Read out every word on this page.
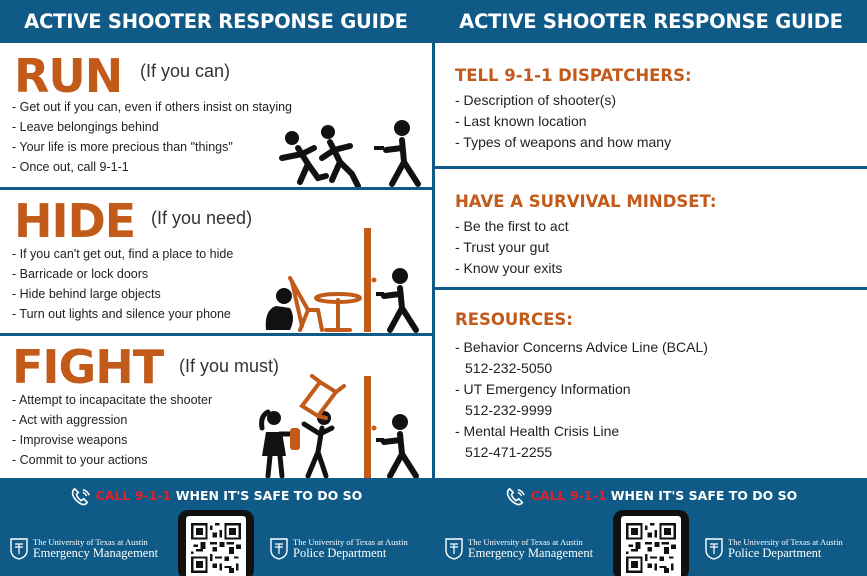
ACTIVE SHOOTER RESPONSE GUIDE
RUN (If you can)
- Get out if you can, even if others insist on staying
- Leave belongings behind
- Your life is more precious than "things"
- Once out, call 9-1-1
HIDE (If you need)
- If you can't get out, find a place to hide
- Barricade or lock doors
- Hide behind large objects
- Turn out lights and silence your phone
FIGHT (If you must)
- Attempt to incapacitate the shooter
- Act with aggression
- Improvise weapons
- Commit to your actions
CALL 9-1-1 WHEN IT'S SAFE TO DO SO
The University of Texas at Austin
Emergency Management
The University of Texas at Austin
Police Department
ACTIVE SHOOTER RESPONSE GUIDE
TELL 9-1-1 DISPATCHERS:
- Description of shooter(s)
- Last known location
- Types of weapons and how many
HAVE A SURVIVAL MINDSET:
- Be the first to act
- Trust your gut
- Know your exits
RESOURCES:
- Behavior Concerns Advice Line (BCAL)
512-232-5050
- UT Emergency Information
512-232-9999
- Mental Health Crisis Line
512-471-2255
CALL 9-1-1 WHEN IT'S SAFE TO DO SO
The University of Texas at Austin
Emergency Management
The University of Texas at Austin
Police Department
